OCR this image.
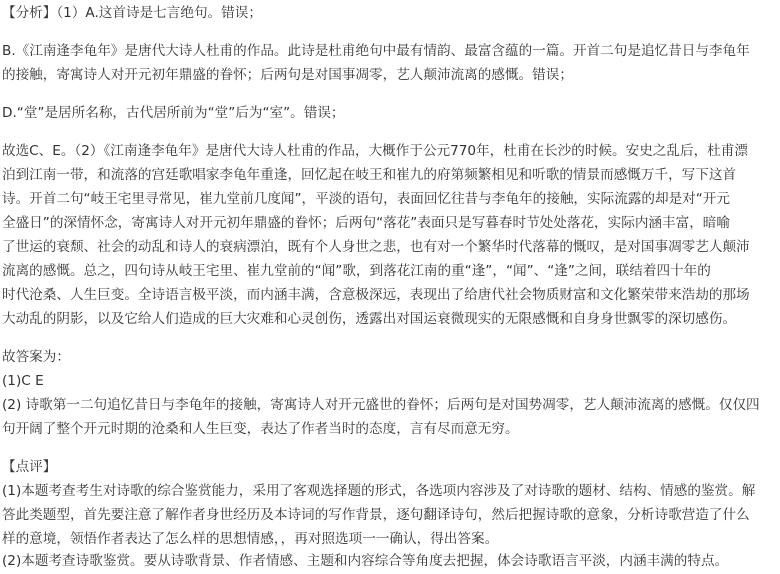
【分析】（1）A.这首诗是七言绝句。错误；
B.《江南逢李龟年》是唐代大诗人杜甫的作品。此诗是杜甫绝句中最有情韵、最富含蕴的一篇。开首二句是追忆昔日与李龟年
的接触，寄寓诗人对开元初年鼎盛的眷怀；后两句是对国事凋零，艺人颠沛流离的感慨。错误；
D.“堂”是居所名称，古代居所前为“堂”后为“室”。错误；
故选C、E。（2）《江南逢李龟年》是唐代大诗人杜甫的作品，大概作于公元770年，杜甫在长沙的时候。安史之乱后，杜甫漂
泊到江南一带，和流落的宫廷歌唱家李龟年重逢，回忆起在岐王和崔九的府第频繁相见和听歌的情景而感慨万千，写下这首
诗。开首二句“岐王宅里寻常见，崔九堂前几度闻”，平淡的语句，表面回忆往昔与李龟年的接触，实际流露的却是对“开元
全盛日”的深情怀念，寄寓诗人对开元初年鼎盛的眷怀；后两句“落花”表面只是写暮春时节处处落花，实际内涵丰富，暗喻
了世运的衰颓、社会的动乱和诗人的衰病漂泊，既有个人身世之悲，也有对一个繁华时代落幕的慨叹，是对国事凋零艺人颠沛
流离的感慨。总之，四句诗从岐王宅里、崔九堂前的“闻”歌，到落花江南的重“逢”，“闻”、“逢”之间，联结着四十年的
时代沧桑、人生巨变。全诗语言极平淡，而内涵丰满，含意极深远，表现出了给唐代社会物质财富和文化繁荣带来浩劫的那场
大动乱的阴影，以及它给人们造成的巨大灾难和心灵创伤，透露出对国运衰微现实的无限感慨和自身身世飘零的深切感伤。
故答案为：
(1)C E
(2) 诗歌第一二句追忆昔日与李龟年的接触，寄寓诗人对开元盛世的眷怀；后两句是对国势凋零，艺人颠沛流离的感慨。仅仅四
句开阔了整个开元时期的沧桑和人生巨变，表达了作者当时的态度，言有尽而意无穷。
【点评】
(1)本题考查考生对诗歌的综合鉴赏能力，采用了客观选择题的形式，各选项内容涉及了对诗歌的题材、结构、情感的鉴赏。解
答此类题型，首先要注意了解作者身世经历及本诗词的写作背景，逐句翻译诗句，然后把握诗歌的意象，分析诗歌营造了什么
样的意境，领悟作者表达了怎么样的思想情感，，再对照选项一一确认，得出答案。
(2)本题考查诗歌鉴赏。要从诗歌背景、作者情感、主题和内容综合等角度去把握，体会诗歌语言平淡，内涵丰满的特点。
